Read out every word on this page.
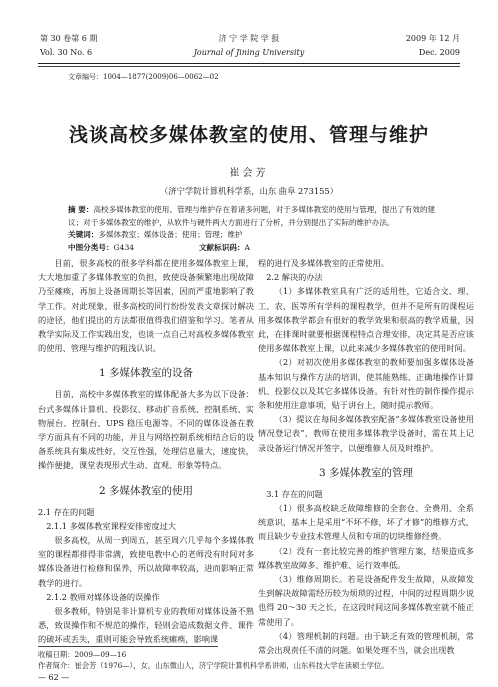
第 30 卷第 6 期
Vol. 30 No. 6
济 宁 学 院 学 报
Journal of Jining University
2009 年 12 月
Dec. 2009
文章编号：1004—1877(2009)06—0062—02
浅谈高校多媒体教室的使用、管理与维护
崔会芳
（济宁学院计算机科学系，山东 曲阜 273155）
摘 要：高校多媒体教室的使用、管理与维护存在着诸多问题，对于多媒体教室的使用与管理，提出了有效的建议；对于多媒体教室的维护，从软件与硬件两大方面进行了分析，并分别提出了实际的维护办法。
关键词：多媒体教室；媒体设备；使用；管理；维护
中图分类号：G434	文献标识码：A

目前，很多高校的很多学科都在使用多媒体教室上课，大大地加重了多媒体教室的负担，致使设备频繁地出现故障乃至瘫痪，再加上设备周期长等因素，因而严重地影响了教学工作。对此现象，很多高校的同行纷纷发表文章探讨解决的途径，他们提出的方法都很值得我们借鉴和学习。笔者从教学实际及工作实践出发，也谈一点自己对高校多媒体教室的使用、管理与维护的粗浅认识。

1 多媒体教室的设备

目前，高校中多媒体教室的媒体配备大多为以下设备：台式多媒体计算机、投影仪、移动扩音系统、控制系统、实物展台、控制台、UPS 稳压电源等。不同的媒体设备在教学方面具有不同的功能，并且与网络控制系统相结合后的设备系统具有集成性好，交互性强，处理信息量大，速度快，操作便捷，课堂表现形式生动、直观、形象等特点。

2 多媒体教室的使用
2.1 存在的问题
2.1.1 多媒体教室课程安排密度过大

很多高校，从周一到周五，甚至周六几乎每个多媒体教室的课程都排得非常满，致使电教中心的老师没有时间对多媒体设备进行检修和保养，所以故障率较高，进而影响正常教学的进行。

2.1.2 教师对媒体设备的误操作

很多教师，特别是非计算机专业的教师对媒体设备不熟悉，致误操作和不规范的操作，轻则会造成数据文件、课件的破坏或丢失，重则可能会导致系统瘫痪，影响课

程的进行及多媒体教室的正常使用。

2.2 解决的办法

（1）多媒体教室具有广泛的适用性，它适合文、理、工、农、医等所有学科的课程教学，但并不是所有的课程运用多媒体教学都会有很好的教学效果和很高的教学质量，因此，在排课时就要根据课程特点合理安排，决定其是否应该使用多媒体教室上课，以此来减少多媒体教室的使用时间。

（2）对初次使用多媒体教室的教师要加强多媒体设备基本知识与操作方法的培训，使其能熟练、正确地操作计算机、投影仪以及其它多媒体设备。有针对性的制作操作提示条和使用注意事项，贴于讲台上，随时提示教师。

（3）提议在每间多媒体教室配备“多媒体教室设备使用情况登记表”，教师在使用多媒体教学设备时，需在其上记录设备运行情况并签字，以便维修人员及时维护。

3 多媒体教室的管理
3.1 存在的问题

（1）很多高校缺乏故障维修的全套仓、全费用、全系统意识，基本上是采用“不坏不修，坏了才修”的维修方式，而且缺少专业技术管理人员和专项的切块维修经费。

（2）没有一套比较完善的维护管理方案，结果造成多媒体教室故障多、维护难、运行效率低。

（3）维修周期长。若是设备配件发生故障，从故障发生到解决故障需经历较为烦琐的过程，中间的过程周期少说也得 20～30 天之长，在这段时间这间多媒体教室就不能正常使用了。

（4）管理机制的问题。由于缺乏有效的管理机制，常常会出现责任不清的问题。如果处理不当，就会出现教

收稿日期：2009—09—16
作者简介：崔会芳（1976—），女，山东微山人，济宁学院计算机科学系讲师，山东科技大学在读硕士学位。
— 62 —
